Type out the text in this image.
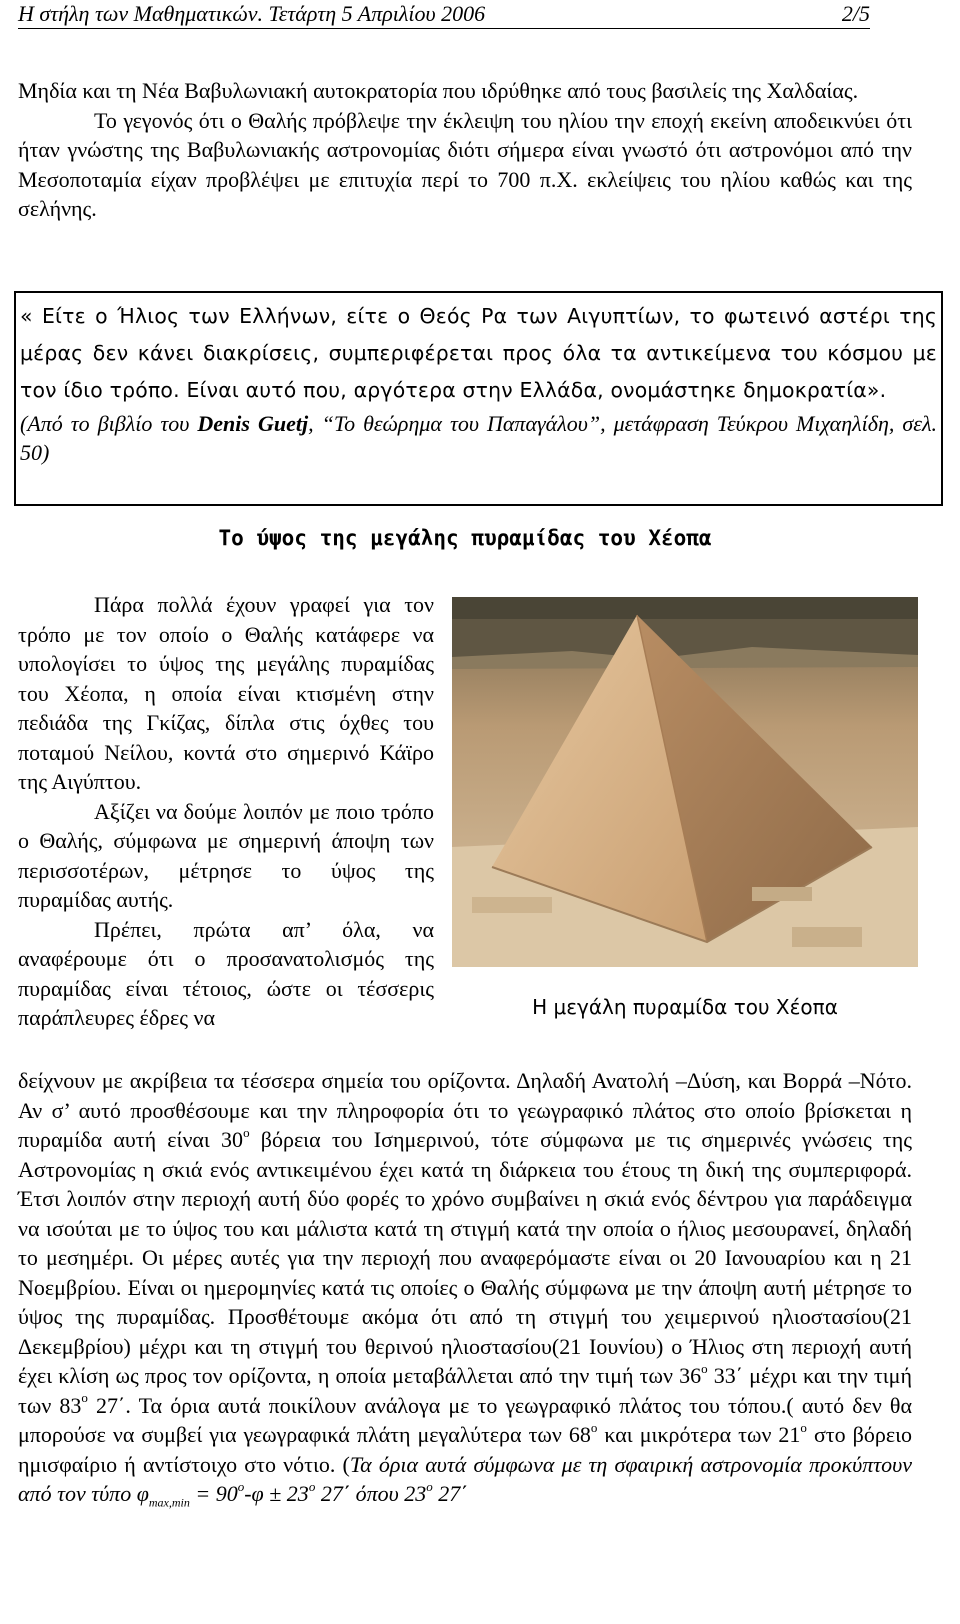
Η στήλη των Μαθηματικών. Τετάρτη 5 Απριλίου 2006	2/5
Μηδία και τη Νέα Βαβυλωνιακή αυτοκρατορία που ιδρύθηκε από τους βασιλείς της Χαλδαίας.
Το γεγονός ότι ο Θαλής πρόβλεψε την έκλειψη του ηλίου την εποχή εκείνη αποδεικνύει ότι ήταν γνώστης της Βαβυλωνιακής αστρονομίας διότι σήμερα είναι γνωστό ότι αστρονόμοι από την Μεσοποταμία είχαν προβλέψει με επιτυχία περί το 700 π.Χ. εκλείψεις του ηλίου καθώς και της σελήνης.
« Είτε ο Ήλιος των Ελλήνων, είτε ο Θεός Ρα των Αιγυπτίων, το φωτεινό αστέρι της μέρας δεν κάνει διακρίσεις, συμπεριφέρεται προς όλα τα αντικείμενα του κόσμου με τον ίδιο τρόπο. Είναι αυτό που, αργότερα στην Ελλάδα, ονομάστηκε δημοκρατία».
(Από το βιβλίο του Denis Guetj, “Το θεώρημα του Παπαγάλου”, μετάφραση Τεύκρου Μιχαηλίδη, σελ. 50)
Το ύψος της μεγάλης πυραμίδας του Χέοπα
Η μεγάλη πυραμίδα του Χέοπα
Πάρα πολλά έχουν γραφεί για τον τρόπο με τον οποίο ο Θαλής κατάφερε να υπολογίσει το ύψος της μεγάλης πυραμίδας του Χέοπα, η οποία είναι κτισμένη στην πεδιάδα της Γκίζας, δίπλα στις όχθες του ποταμού Νείλου, κοντά στο σημερινό Κάϊρο της Αιγύπτου.
Αξίζει να δούμε λοιπόν με ποιο τρόπο ο Θαλής, σύμφωνα με σημερινή άποψη των περισσοτέρων, μέτρησε το ύψος της πυραμίδας αυτής.
Πρέπει, πρώτα απ’ όλα, να αναφέρουμε ότι ο προσανατολισμός της πυραμίδας είναι τέτοιος, ώστε οι τέσσερις παράπλευρες έδρες να
δείχνουν με ακρίβεια τα τέσσερα σημεία του ορίζοντα. Δηλαδή Ανατολή –Δύση, και Βορρά –Νότο. Αν σ’ αυτό προσθέσουμε και την πληροφορία ότι το γεωγραφικό πλάτος στο οποίο βρίσκεται η πυραμίδα αυτή είναι $30^o$ βόρεια του Ισημερινού, τότε σύμφωνα με τις σημερινές γνώσεις της Αστρονομίας η σκιά ενός αντικειμένου έχει κατά τη διάρκεια του έτους τη δική της συμπεριφορά. Έτσι λοιπόν στην περιοχή αυτή δύο φορές το χρόνο συμβαίνει η σκιά ενός δέντρου για παράδειγμα να ισούται με το ύψος του και μάλιστα κατά τη στιγμή κατά την οποία ο ήλιος μεσουρανεί, δηλαδή το μεσημέρι. Οι μέρες αυτές για την περιοχή που αναφερόμαστε είναι οι 20 Ιανουαρίου και η 21 Νοεμβρίου. Είναι οι ημερομηνίες κατά τις οποίες ο Θαλής σύμφωνα με την άποψη αυτή μέτρησε το ύψος της πυραμίδας. Προσθέτουμε ακόμα ότι από τη στιγμή του χειμερινού ηλιοστασίου(21 Δεκεμβρίου) μέχρι και τη στιγμή του θερινού ηλιοστασίου(21 Ιουνίου) ο Ήλιος στη περιοχή αυτή έχει κλίση ως προς τον ορίζοντα, η οποία μεταβάλλεται από την τιμή των $36^o$ 33΄ μέχρι και την τιμή των $83^o$ 27΄. Τα όρια αυτά ποικίλουν ανάλογα με το γεωγραφικό πλάτος του τόπου.( αυτό δεν θα μπορούσε να συμβεί για γεωγραφικά πλάτη μεγαλύτερα των $68^o$ και μικρότερα των $21^o$ στο βόρειο ημισφαίριο ή αντίστοιχο στο νότιο. (Τα όρια αυτά σύμφωνα με τη σφαιρική αστρονομία προκύπτουν από τον τύπο $\varphi_{max,min} = 90^o-\varphi \pm 23^o$ 27΄ όπου $23^o$ 27΄
